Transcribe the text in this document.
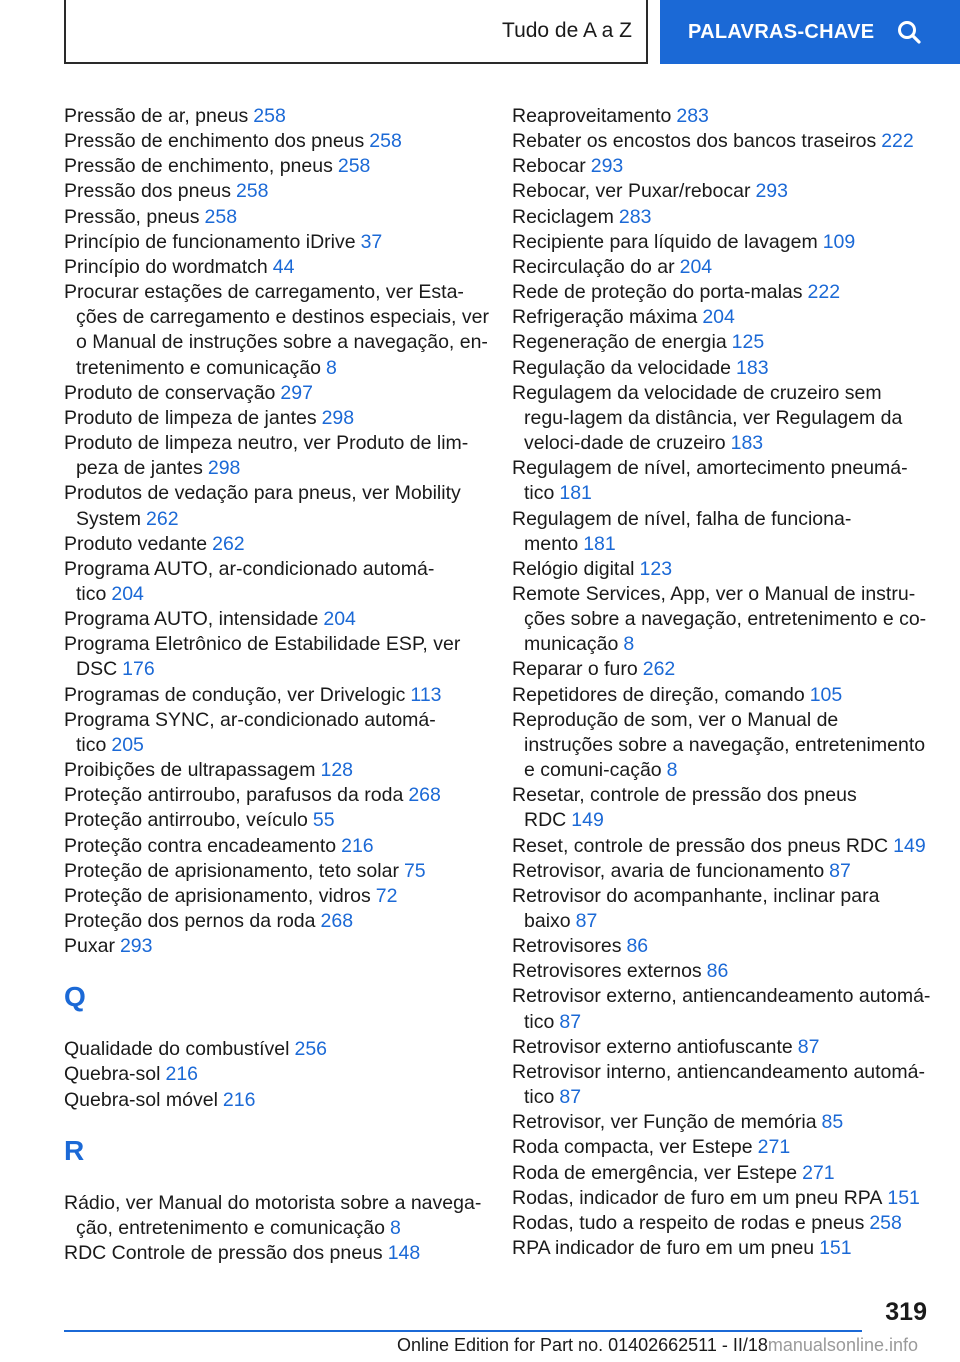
Tudo de A a Z	PALAVRAS-CHAVE
Pressão de ar, pneus 258
Pressão de enchimento dos pneus 258
Pressão de enchimento, pneus 258
Pressão dos pneus 258
Pressão, pneus 258
Princípio de funcionamento iDrive 37
Princípio do wordmatch 44
Procurar estações de carregamento, ver Esta-ções de carregamento e destinos especiais, ver o Manual de instruções sobre a navegação, en-tretenimento e comunicação 8
Produto de conservação 297
Produto de limpeza de jantes 298
Produto de limpeza neutro, ver Produto de lim-peza de jantes 298
Produtos de vedação para pneus, ver Mobility System 262
Produto vedante 262
Programa AUTO, ar-condicionado automá-tico 204
Programa AUTO, intensidade 204
Programa Eletrônico de Estabilidade ESP, ver DSC 176
Programas de condução, ver Drivelogic 113
Programa SYNC, ar-condicionado automá-tico 205
Proibições de ultrapassagem 128
Proteção antirroubo, parafusos da roda 268
Proteção antirroubo, veículo 55
Proteção contra encadeamento 216
Proteção de aprisionamento, teto solar 75
Proteção de aprisionamento, vidros 72
Proteção dos pernos da roda 268
Puxar 293
Q
Qualidade do combustível 256
Quebra-sol 216
Quebra-sol móvel 216
R
Rádio, ver Manual do motorista sobre a navega-ção, entretenimento e comunicação 8
RDC Controle de pressão dos pneus 148
Reaproveitamento 283
Rebater os encostos dos bancos traseiros 222
Rebocar 293
Rebocar, ver Puxar/rebocar 293
Reciclagem 283
Recipiente para líquido de lavagem 109
Recirculação do ar 204
Rede de proteção do porta-malas 222
Refrigeração máxima 204
Regeneração de energia 125
Regulação da velocidade 183
Regulagem da velocidade de cruzeiro sem regu-lagem da distância, ver Regulagem da veloci-dade de cruzeiro 183
Regulagem de nível, amortecimento pneumá-tico 181
Regulagem de nível, falha de funciona-mento 181
Relógio digital 123
Remote Services, App, ver o Manual de instru-ções sobre a navegação, entretenimento e co-municação 8
Reparar o furo 262
Repetidores de direção, comando 105
Reprodução de som, ver o Manual de instruções sobre a navegação, entretenimento e comuni-cação 8
Resetar, controle de pressão dos pneus RDC 149
Reset, controle de pressão dos pneus RDC 149
Retrovisor, avaria de funcionamento 87
Retrovisor do acompanhante, inclinar para baixo 87
Retrovisores 86
Retrovisores externos 86
Retrovisor externo, antiencandeamento automá-tico 87
Retrovisor externo antiofuscante 87
Retrovisor interno, antiencandeamento automá-tico 87
Retrovisor, ver Função de memória 85
Roda compacta, ver Estepe 271
Roda de emergência, ver Estepe 271
Rodas, indicador de furo em um pneu RPA 151
Rodas, tudo a respeito de rodas e pneus 258
RPA indicador de furo em um pneu 151
319
Online Edition for Part no. 01402662511 - II/18manualsonline.info
